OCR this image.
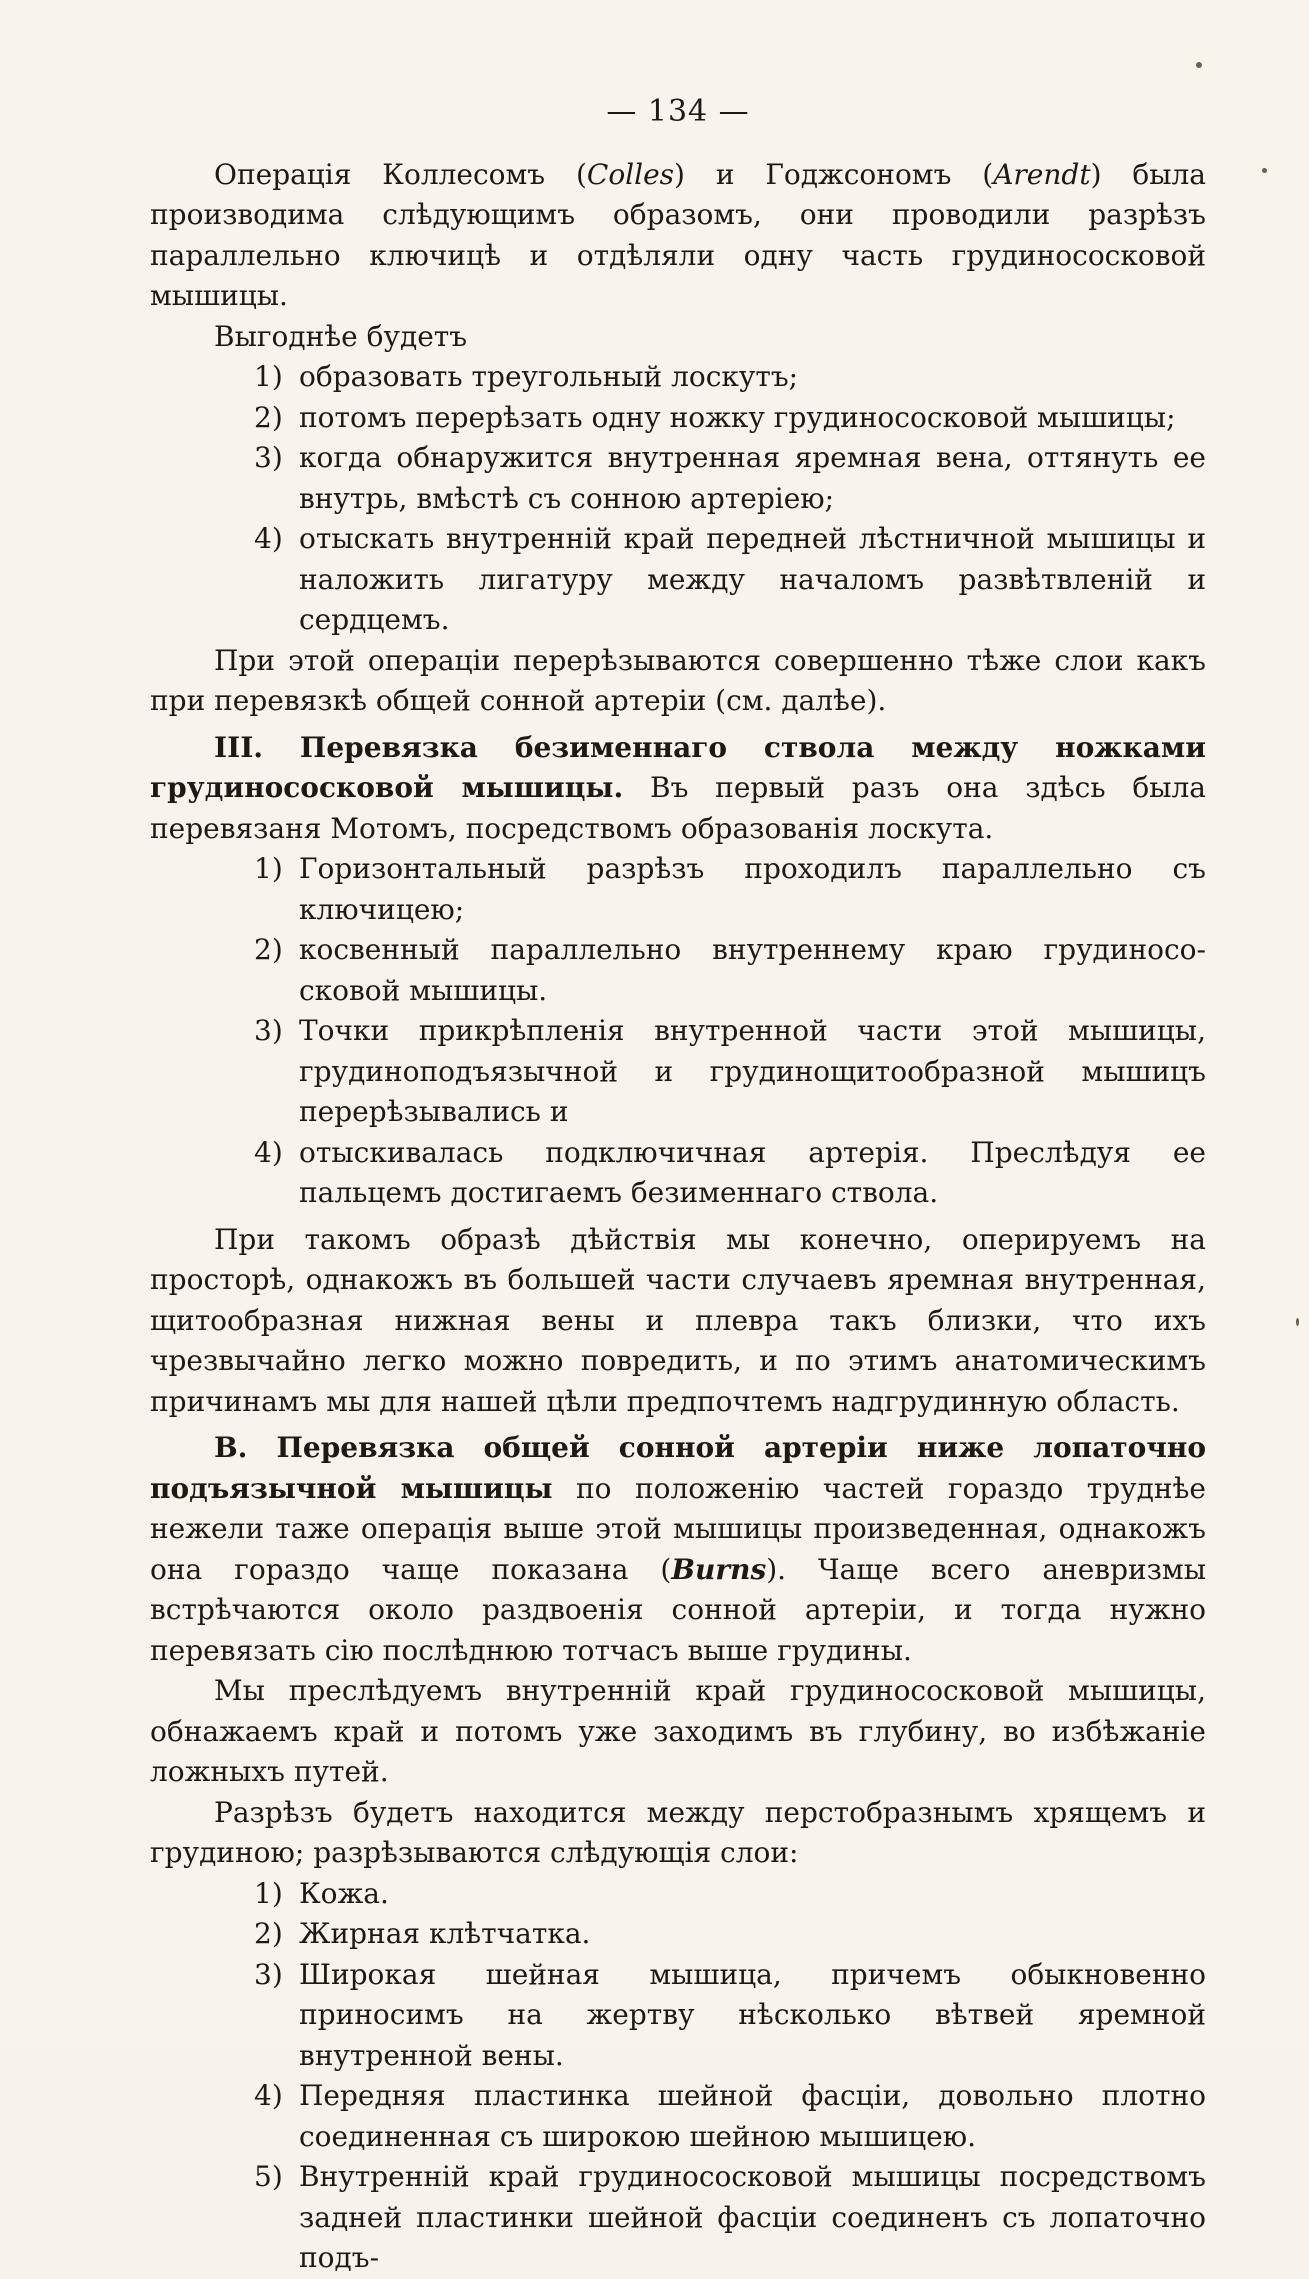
— 134 —

Операція Коллесомъ (Colles) и Годжсономъ (Arendt) была производима слѣдующимъ образомъ, они проводили разрѣзъ параллельно ключицѣ и отдѣляли одну часть грудинососковой мышицы.

Выгоднѣе будетъ

1) образовать треугольный лоскутъ;
2) потомъ перерѣзать одну ножку грудинососковой мышицы;
3) когда обнаружится внутренная яремная вена, оттянуть ее внутрь, вмѣстѣ съ сонною артеріею;
4) отыскать внутренній край передней лѣстничной мышицы и наложить лигатуру между началомъ развѣтвленій и сердцемъ.

При этой операціи перерѣзываются совершенно тѣже слои какъ при перевязкѣ общей сонной артеріи (см. далѣе).

III. Перевязка безименнаго ствола между ножками грудинососковой мышицы. Въ первый разъ она здѣсь была перевязаня Мотомъ, посредствомъ образованія лоскута.

1) Горизонтальный разрѣзъ проходилъ параллельно съ ключицею;
2) косвенный параллельно внутреннему краю грудинососковой мышицы.
3) Точки прикрѣпленія внутренной части этой мышицы, грудиноподъязычной и грудинощитообразной мышицъ перерѣзывались и
4) отыскивалась подключичная артерія. Преслѣдуя ее пальцемъ достигаемъ безименнаго ствола.

При такомъ образѣ дѣйствія мы конечно, оперируемъ на просторѣ, однакожъ въ большей части случаевъ яремная внутренная, щитообразная нижная вены и плевра такъ близки, что ихъ чрезвычайно легко можно повредить, и по этимъ анатомическимъ причинамъ мы для нашей цѣли предпочтемъ надгрудинную область.

B. Перевязка общей сонной артеріи ниже лопаточно подъязычной мышицы по положенію частей гораздо труднѣе нежели таже операція выше этой мышицы произведенная, однакожъ она гораздо чаще показана (Burns). Чаще всего аневризмы встрѣчаются около раздвоенія сонной артеріи, и тогда нужно перевязать сію послѣднюю тотчасъ выше грудины.

Мы преслѣдуемъ внутренній край грудинососковой мышицы, обнажаемъ край и потомъ уже заходимъ въ глубину, во избѣжаніе ложныхъ путей.

Разрѣзъ будетъ находится между перстобразнымъ хрящемъ и грудиною; разрѣзываются слѣдующія слои:

1) Кожа.
2) Жирная клѣтчатка.
3) Широкая шейная мышица, причемъ обыкновенно приносимъ на жертву нѣсколько вѣтвей яремной внутренной вены.
4) Передняя пластинка шейной фасціи, довольно плотно соединенная съ широкою шейною мышицею.
5) Внутренній край грудинососковой мышицы посредствомъ задней пластинки шейной фасціи соединенъ съ лопаточно подъ-
